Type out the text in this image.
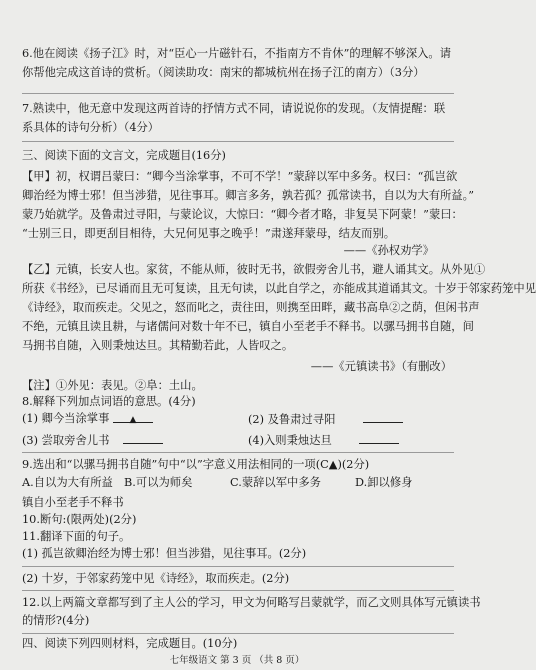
6.他在阅读《扬子江》时，对“臣心一片磁针石，不指南方不肯休”的理解不够深入。请
你帮他完成这首诗的赏析。（阅读助攻：南宋的都城杭州在扬子江的南方）（3分）
7.熟读中，他无意中发现这两首诗的抒情方式不同，请说说你的发现。（友情提醒：联
系具体的诗句分析）（4分）
三、阅读下面的文言文，完成题目(16分)
【甲】初，权谓吕蒙曰：“卿今当涂掌事，不可不学！”蒙辞以军中多务。权曰：“孤岂欲
卿治经为博士邪！但当涉猎，见往事耳。卿言多务，孰若孤？孤常读书，自以为大有所益。”
蒙乃始就学。及鲁肃过寻阳，与蒙论议，大惊曰：“卿今者才略，非复吴下阿蒙！”蒙曰：
“士别三日，即更刮目相待，大兄何见事之晚乎！”肃遂拜蒙母，结友而别。
——《孙权劝学》
【乙】元镇，长安人也。家贫，不能从师，彼时无书，欲假旁舍儿书，避人诵其文。从外见①
所获《书经》，已尽诵而且无可复读，且无句读，以此自学之，亦能成其道诵其文。十岁于邻家药笼中见
《诗经》，取而疾走。父见之，怒而叱之，责往田，则携至田畔，藏书高阜②之荫，但闲书声
不绝，元镇且读且耕，与诸儒问对数十年不已，镇自小至老手不释书。以骡马拥书自随，间
马拥书自随，入则秉烛达旦。其精勤若此，人皆叹之。
——《元镇读书》（有删改）
【注】①外见：表见。②阜：土山。
8.解释下列加点词语的意思。(4分)
(1) 卿今当涂掌事 ▲	(2) 及鲁肃过寻阳
(3) 尝取旁舍儿书	(4)入则秉烛达旦
9.选出和“以骡马拥书自随”句中“以”字意义用法相同的一项(C▲)(2分)
A.自以为大有所益 B.可以为师矣	C.蒙辞以军中多务	D.卸以修身
镇自小至老手不释书
10.断句:(限两处)(2分)
11.翻译下面的句子。
(1) 孤岂欲卿治经为博士邪！但当涉猎，见往事耳。(2分)
(2) 十岁，于邻家药笼中见《诗经》，取而疾走。(2分)
12.以上两篇文章都写到了主人公的学习，甲文为何略写吕蒙就学，而乙文则具体写元镇读书
的情形?(4分)
四、阅读下列四则材料，完成题目。(10分)
七年级语文 第 3 页 （共 8 页）
